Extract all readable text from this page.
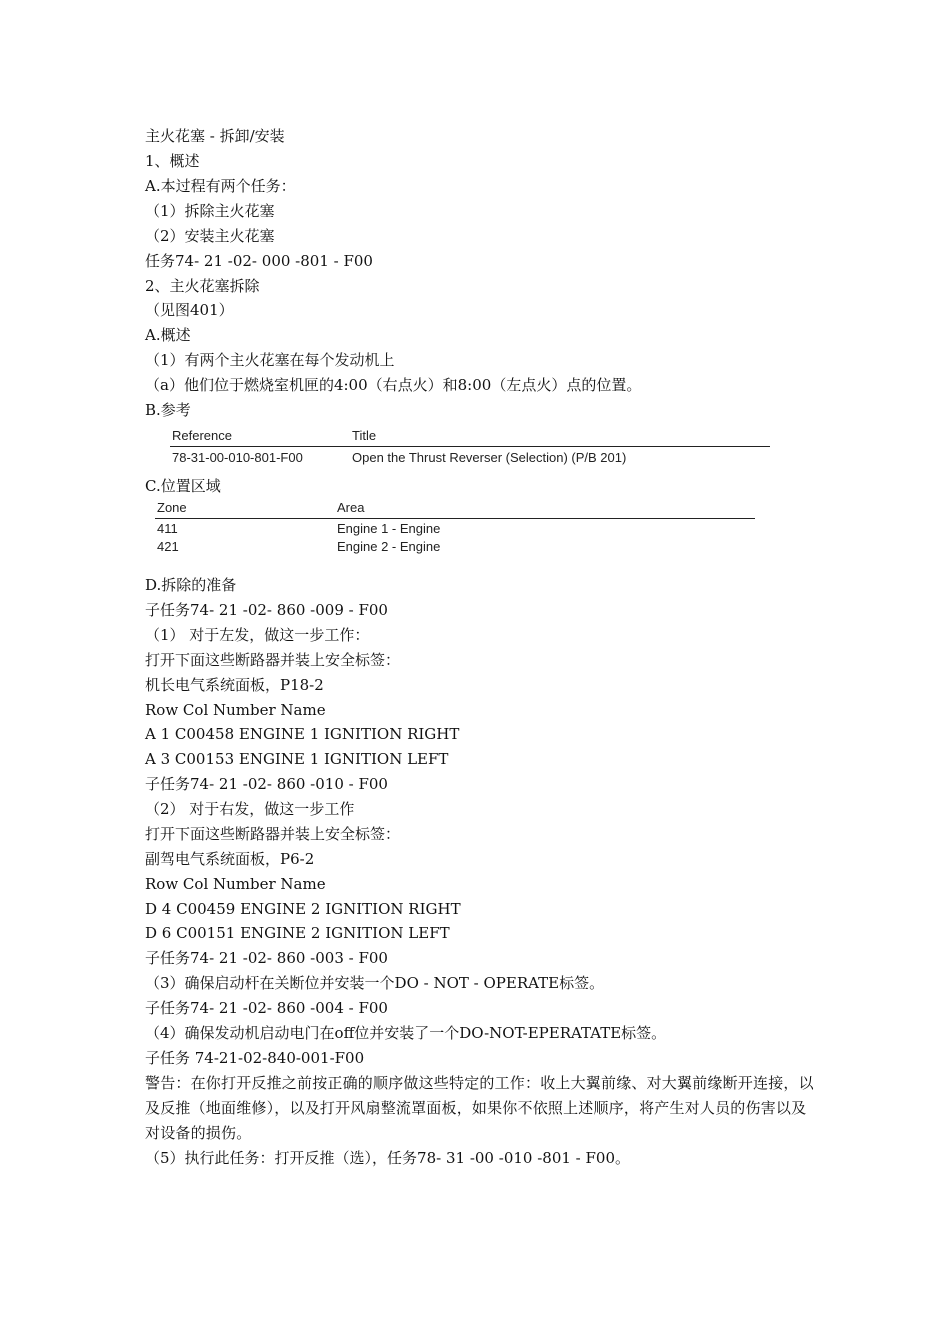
主火花塞 - 拆卸/安装
1、概述
A.本过程有两个任务：
（1）拆除主火花塞
（2）安装主火花塞
任务74- 21 -02- 000 -801 - F00
2、主火花塞拆除
（见图401）
A.概述
（1）有两个主火花塞在每个发动机上
（a）他们位于燃烧室机匣的4:00（右点火）和8:00（左点火）点的位置。
B.参考
Reference	Title
78-31-00-010-801-F00	Open the Thrust Reverser (Selection) (P/B 201)
C.位置区域
Zone	Area
411	Engine 1 - Engine
421	Engine 2 - Engine
D.拆除的准备
子任务74- 21 -02- 860 -009 - F00
（1） 对于左发，做这一步工作：
打开下面这些断路器并装上安全标签：
机长电气系统面板，P18-2
Row Col Number Name
A 1 C00458 ENGINE 1 IGNITION RIGHT
A 3 C00153 ENGINE 1 IGNITION LEFT
子任务74- 21 -02- 860 -010 - F00
（2） 对于右发，做这一步工作
打开下面这些断路器并装上安全标签：
副驾电气系统面板，P6-2
Row Col Number Name
D 4 C00459 ENGINE 2 IGNITION RIGHT
D 6 C00151 ENGINE 2 IGNITION LEFT
子任务74- 21 -02- 860 -003 - F00
（3）确保启动杆在关断位并安装一个DO - NOT - OPERATE标签。
子任务74- 21 -02- 860 -004 - F00
（4）确保发动机启动电门在off位并安装了一个DO-NOT-EPERATATE标签。
子任务 74-21-02-840-001-F00
警告：在你打开反推之前按正确的顺序做这些特定的工作：收上大翼前缘、对大翼前缘断开连接，以及反推（地面维修），以及打开风扇整流罩面板，如果你不依照上述顺序，将产生对人员的伤害以及对设备的损伤。
（5）执行此任务：打开反推（选），任务78- 31 -00 -010 -801 - F00。
